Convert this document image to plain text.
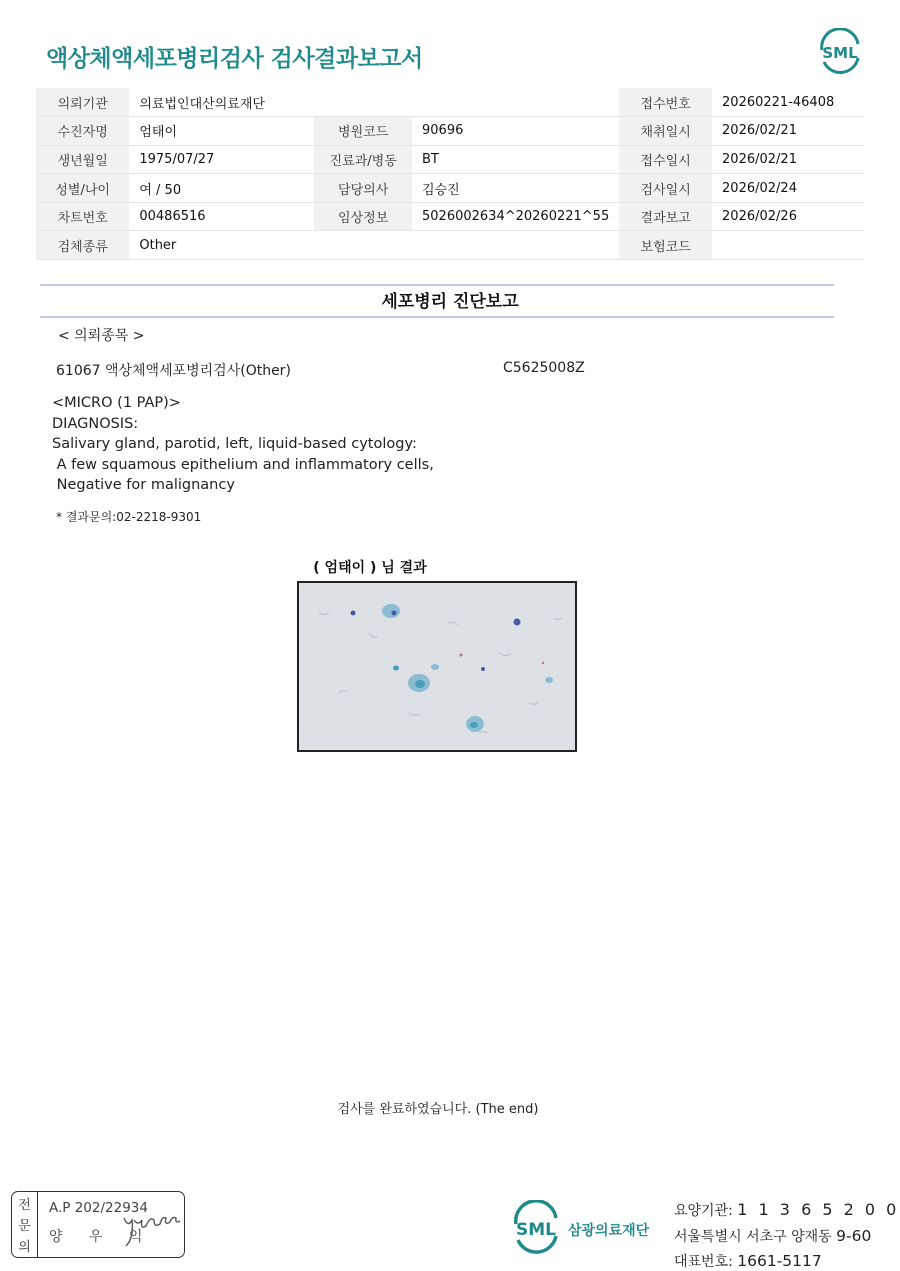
액상체액세포병리검사 검사결과보고서	SML
의뢰기관	의료법인대산의료재단			접수번호	20260221-46408
수진자명	엄태이	병원코드	90696	채취일시	2026/02/21
생년월일	1975/07/27	진료과/병동	BT	접수일시	2026/02/21
성별/나이	여 / 50	담당의사	김승진	검사일시	2026/02/24
차트번호	00486516	임상정보	5026002634^20260221^55	결과보고	2026/02/26
검체종류	Other			보험코드	
세포병리 진단보고
< 의뢰종목 >
61067 액상체액세포병리검사(Other)	C5625008Z
<MICRO (1 PAP)>
DIAGNOSIS:
Salivary gland, parotid, left, liquid-based cytology:
A few squamous epithelium and inflammatory cells,
Negative for malignancy
* 결과문의:02-2218-9301
( 엄태이 ) 님 결과
검사를 완료하였습니다. (The end)
전
문
의
A.P 202/22934
양 우 익	SML 삼광의료재단
요양기관: 1 1 3 6 5 2 0 0
서울특별시 서초구 양재동 9-60
대표번호: 1661-5117
